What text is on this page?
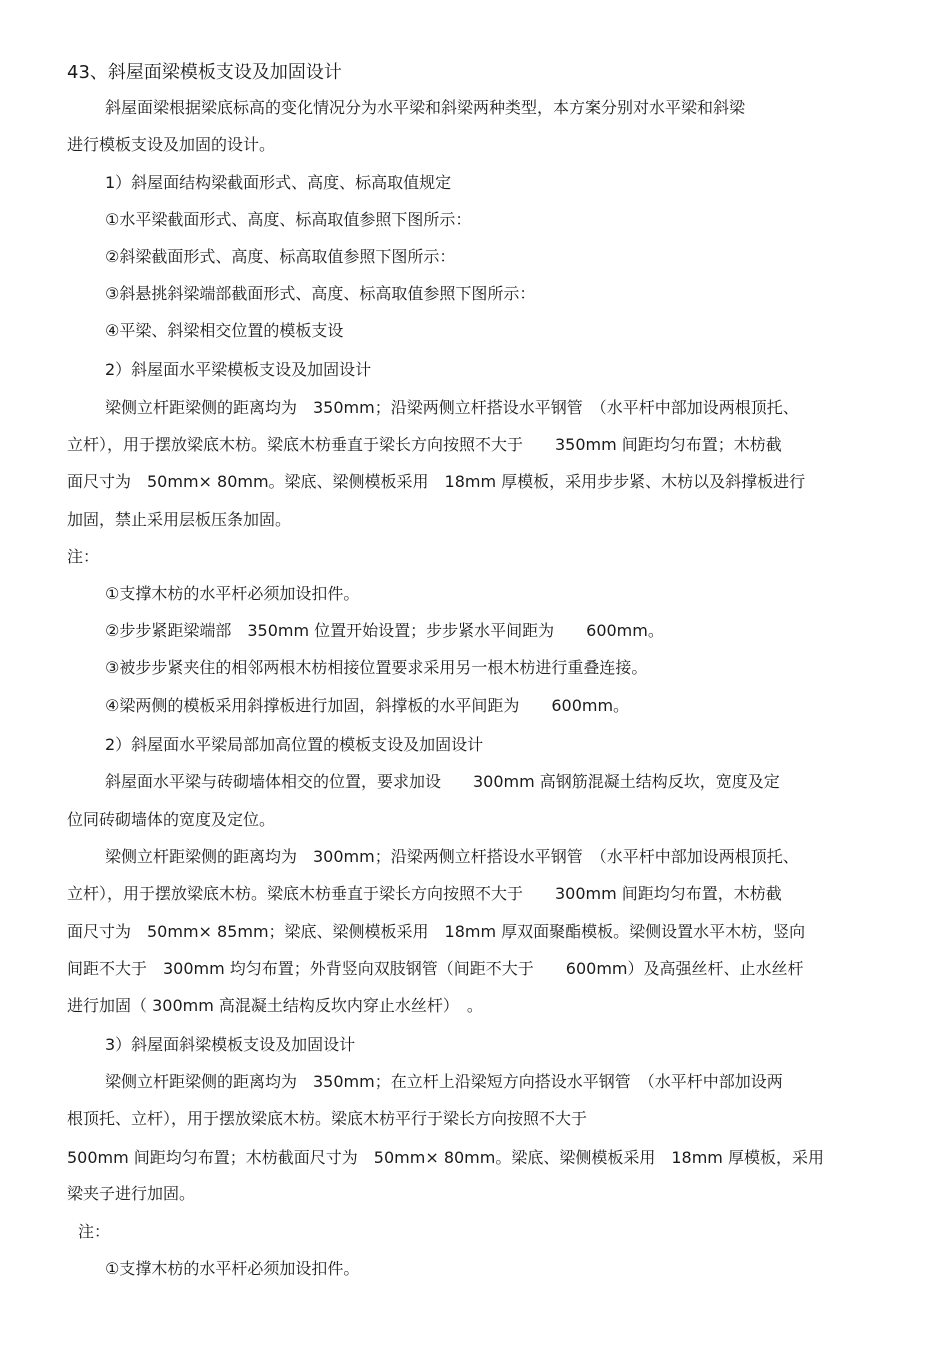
43、斜屋面梁模板支设及加固设计
斜屋面梁根据梁底标高的变化情况分为水平梁和斜梁两种类型，本方案分别对水平梁和斜梁
进行模板支设及加固的设计。
1）斜屋面结构梁截面形式、高度、标高取值规定
①水平梁截面形式、高度、标高取值参照下图所示：
②斜梁截面形式、高度、标高取值参照下图所示：
③斜悬挑斜梁端部截面形式、高度、标高取值参照下图所示：
④平梁、斜梁相交位置的模板支设
2）斜屋面水平梁模板支设及加固设计
梁侧立杆距梁侧的距离均为　350mm；沿梁两侧立杆搭设水平钢管　（水平杆中部加设两根顶托、
立杆），用于摆放梁底木枋。梁底木枋垂直于梁长方向按照不大于　　350mm 间距均匀布置；木枋截
面尺寸为　50mm× 80mm。梁底、梁侧模板采用　18mm 厚模板，采用步步紧、木枋以及斜撑板进行
加固，禁止采用层板压条加固。
注：
①支撑木枋的水平杆必须加设扣件。
②步步紧距梁端部　350mm 位置开始设置；步步紧水平间距为　　600mm。
③被步步紧夹住的相邻两根木枋相接位置要求采用另一根木枋进行重叠连接。
④梁两侧的模板采用斜撑板进行加固，斜撑板的水平间距为　　600mm。
2）斜屋面水平梁局部加高位置的模板支设及加固设计
斜屋面水平梁与砖砌墙体相交的位置，要求加设　　300mm 高钢筋混凝土结构反坎，宽度及定
位同砖砌墙体的宽度及定位。
梁侧立杆距梁侧的距离均为　300mm；沿梁两侧立杆搭设水平钢管　（水平杆中部加设两根顶托、
立杆），用于摆放梁底木枋。梁底木枋垂直于梁长方向按照不大于　　300mm 间距均匀布置，木枋截
面尺寸为　50mm× 85mm；梁底、梁侧模板采用　18mm 厚双面聚酯模板。梁侧设置水平木枋，竖向
间距不大于　300mm 均匀布置；外背竖向双肢钢管（间距不大于　　600mm）及高强丝杆、止水丝杆
进行加固（ 300mm 高混凝土结构反坎内穿止水丝杆）　。
3）斜屋面斜梁模板支设及加固设计
梁侧立杆距梁侧的距离均为　350mm；在立杆上沿梁短方向搭设水平钢管　（水平杆中部加设两
根顶托、立杆），用于摆放梁底木枋。梁底木枋平行于梁长方向按照不大于
500mm 间距均匀布置；木枋截面尺寸为　50mm× 80mm。梁底、梁侧模板采用　18mm 厚模板，采用
梁夹子进行加固。
注：
①支撑木枋的水平杆必须加设扣件。
